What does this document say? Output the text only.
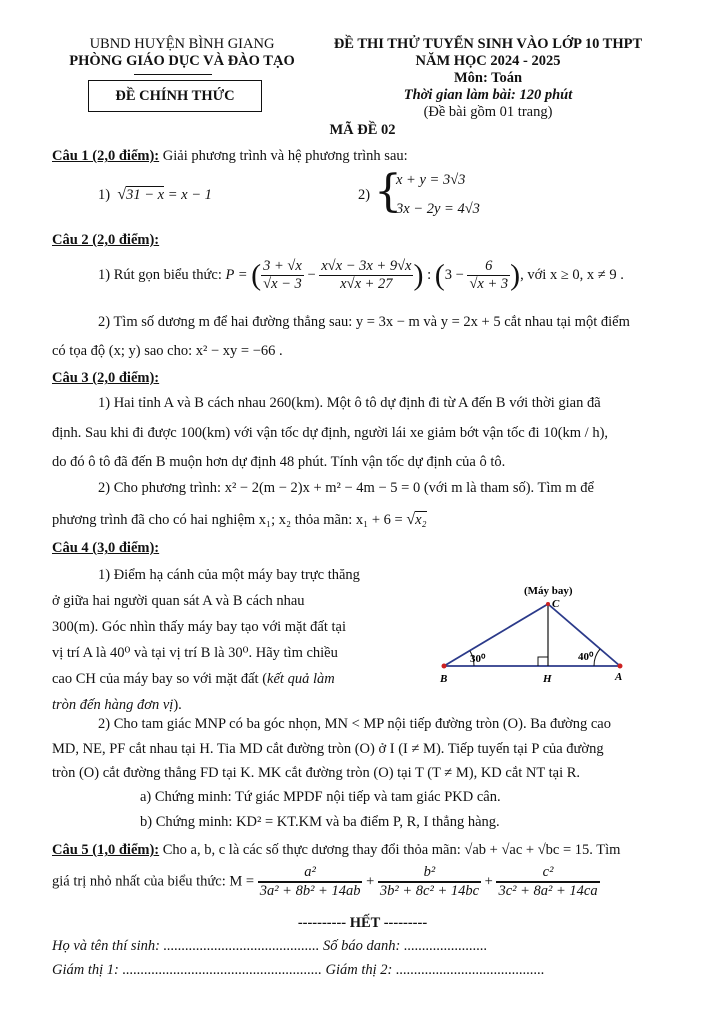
UBND HUYỆN BÌNH GIANG
PHÒNG GIÁO DỤC VÀ ĐÀO TẠO
ĐỀ CHÍNH THỨC
ĐỀ THI THỬ TUYỂN SINH VÀO LỚP 10 THPT
NĂM HỌC 2024 - 2025
Môn: Toán
Thời gian làm bài: 120 phút
(Đề bài gồm 01 trang)
MÃ ĐỀ 02
Câu 1 (2,0 điểm): Giải phương trình và hệ phương trình sau:
1) √31 − x = x − 1	2) {
x + y = 3√3
3x − 2y = 4√3
Câu 2 (2,0 điểm):
1) Rút gọn biểu thức: P = ( $\frac{3 + √x}{√x - 3} - \frac{x√x - 3x + 9√x}{x√x + 27}$ ) : ($3 - \frac{6}{√x + 3}$ ), với x ≥ 0, x ≠ 9 .
2) Tìm số dương m để hai đường thẳng sau: y = 3x − m và y = 2x + 5 cắt nhau tại một điểm
có tọa độ (x; y) sao cho: x² − xy = −66 .
Câu 3 (2,0 điểm):
1) Hai tỉnh A và B cách nhau 260(km). Một ô tô dự định đi từ A đến B với thời gian đã
định. Sau khi đi được 100(km) với vận tốc dự định, người lái xe giảm bớt vận tốc đi 10(km / h),
do đó ô tô đã đến B muộn hơn dự định 48 phút. Tính vận tốc dự định của ô tô.
2) Cho phương trình: x² − 2(m − 2)x + m² − 4m − 5 = 0 (với m là tham số). Tìm m để
phương trình đã cho có hai nghiệm x₁; x₂ thỏa mãn: x₁ + 6 = √x₂
Câu 4 (3,0 điểm):
1) Điểm hạ cánh của một máy bay trực thăng
ở giữa hai người quan sát A và B cách nhau
300(m). Góc nhìn thấy máy bay tạo với mặt đất tại
vị trí A là 40⁰ và tại vị trí B là 30⁰. Hãy tìm chiều
cao CH của máy bay so với mặt đất (kết quả làm
tròn đến hàng đơn vị).
(Máy bay)
C
B	H	A
30⁰	40⁰
2) Cho tam giác MNP có ba góc nhọn, MN < MP nội tiếp đường tròn (O). Ba đường cao
MD, NE, PF cắt nhau tại H. Tia MD cắt đường tròn (O) ở I (I ≠ M). Tiếp tuyến tại P của đường
tròn (O) cắt đường thẳng FD tại K. MK cắt đường tròn (O) tại T (T ≠ M), KD cắt NT tại R.
a) Chứng minh: Tứ giác MPDF nội tiếp và tam giác PKD cân.
b) Chứng minh: KD² = KT.KM và ba điểm P, R, I thẳng hàng.
Câu 5 (1,0 điểm): Cho a, b, c là các số thực dương thay đổi thỏa mãn: √ab + √ac + √bc = 15. Tìm
giá trị nhỏ nhất của biểu thức: $M = \frac{\text{a²}}{\text{3a² + 8b² + 14ab}} + \frac{\text{b²}}{\text{3b² + 8c² + 14bc}} + \frac{\text{c²}}{\text{3c² + 8a² + 14ca}}$
---------- HẾT ---------
Họ và tên thí sinh: ........................................... Số báo danh: .......................
Giám thị 1: ....................................................... Giám thị 2: .........................................
